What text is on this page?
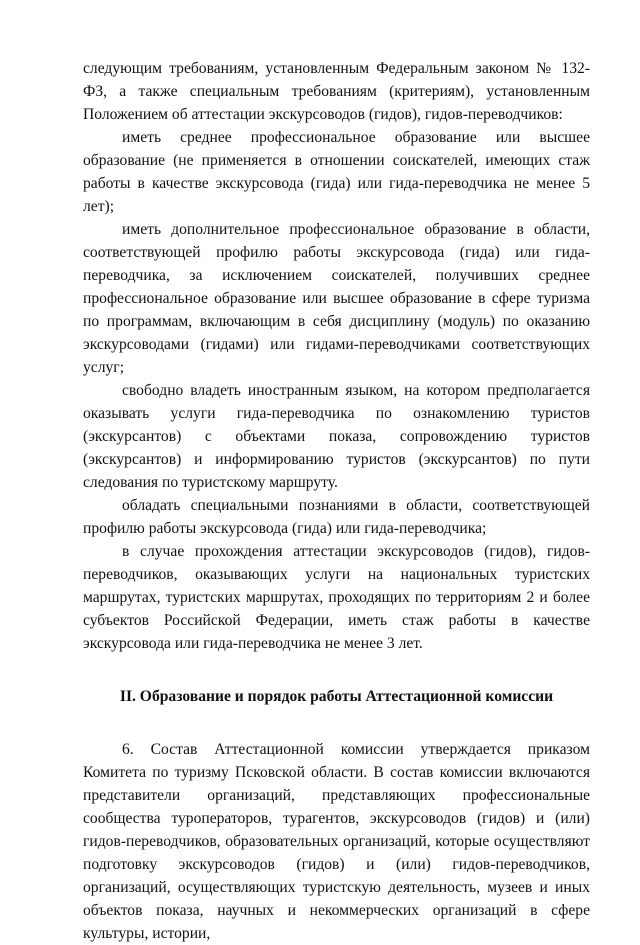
следующим требованиям, установленным Федеральным законом № 132-ФЗ, а также специальным требованиям (критериям), установленным Положением об аттестации экскурсоводов (гидов), гидов-переводчиков:

иметь среднее профессиональное образование или высшее образование (не применяется в отношении соискателей, имеющих стаж работы в качестве экскурсовода (гида) или гида-переводчика не менее 5 лет);

иметь дополнительное профессиональное образование в области, соответствующей профилю работы экскурсовода (гида) или гида-переводчика, за исключением соискателей, получивших среднее профессиональное образование или высшее образование в сфере туризма по программам, включающим в себя дисциплину (модуль) по оказанию экскурсоводами (гидами) или гидами-переводчиками соответствующих услуг;

свободно владеть иностранным языком, на котором предполагается оказывать услуги гида-переводчика по ознакомлению туристов (экскурсантов) с объектами показа, сопровождению туристов (экскурсантов) и информированию туристов (экскурсантов) по пути следования по туристскому маршруту.

обладать специальными познаниями в области, соответствующей профилю работы экскурсовода (гида) или гида-переводчика;

в случае прохождения аттестации экскурсоводов (гидов), гидов-переводчиков, оказывающих услуги на национальных туристских маршрутах, туристских маршрутах, проходящих по территориям 2 и более субъектов Российской Федерации, иметь стаж работы в качестве экскурсовода или гида-переводчика не менее 3 лет.

II. Образование и порядок работы Аттестационной комиссии

6. Состав Аттестационной комиссии утверждается приказом Комитета по туризму Псковской области. В состав комиссии включаются представители организаций, представляющих профессиональные сообщества туроператоров, турагентов, экскурсоводов (гидов) и (или) гидов-переводчиков, образовательных организаций, которые осуществляют подготовку экскурсоводов (гидов) и (или) гидов-переводчиков, организаций, осуществляющих туристскую деятельность, музеев и иных объектов показа, научных и некоммерческих организаций в сфере культуры, истории,
